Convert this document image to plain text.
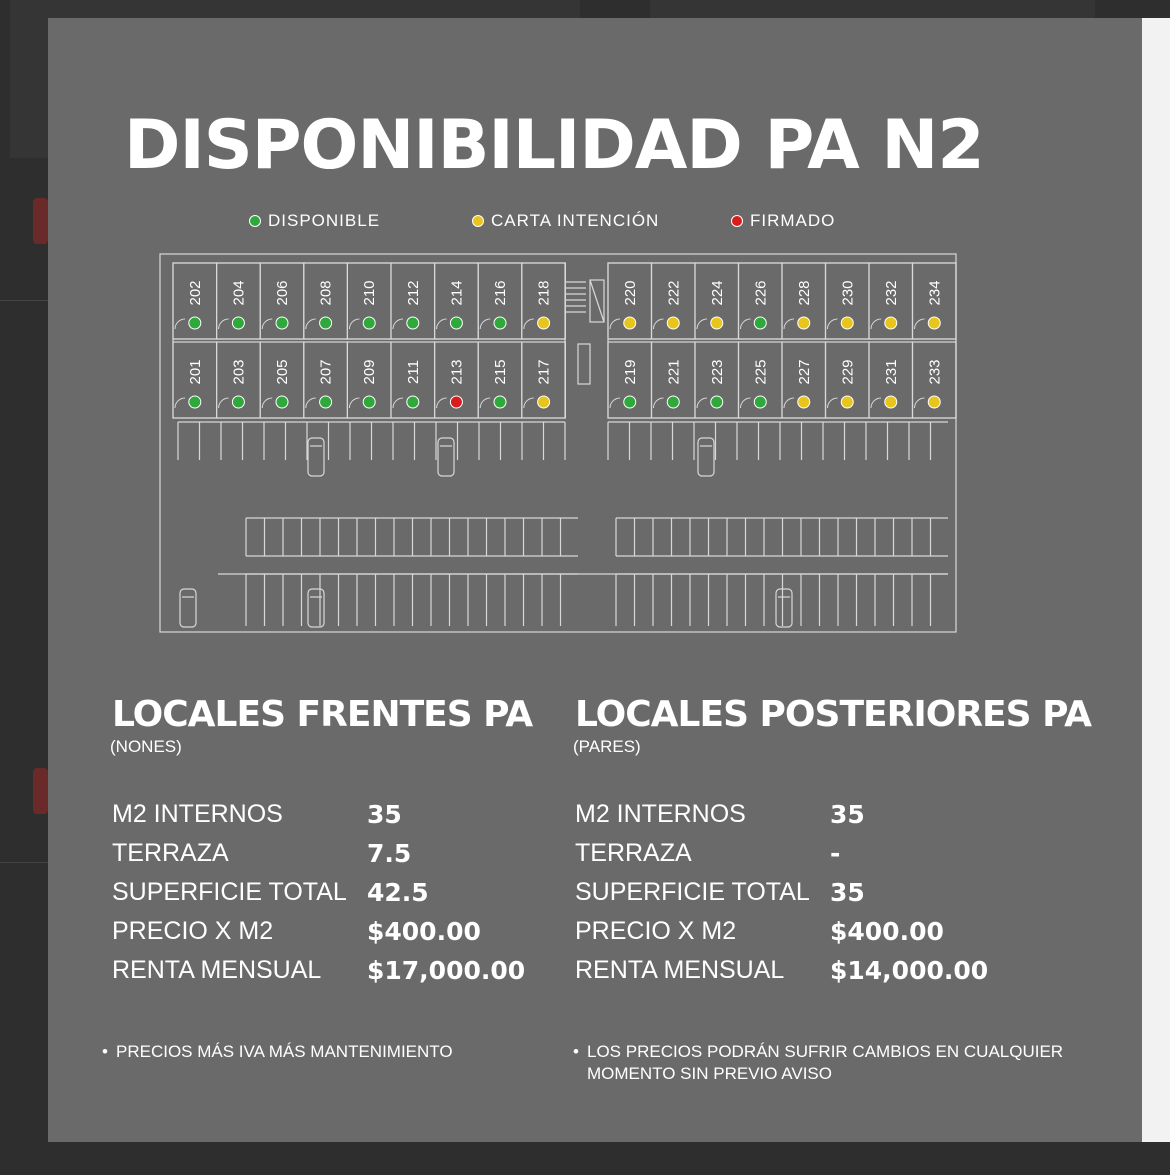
DISPONIBILIDAD PA N2
DISPONIBLE	CARTA INTENCIÓN	FIRMADO
202 204 206 208 210 212 214 216 218
201 203 205 207 209 211 213 215 217
220 222 224 226 228 230 232 234
219 221 223 225 227 229 231 233
LOCALES FRENTES PA
(NONES)
M2 INTERNOS	35
TERRAZA	7.5
SUPERFICIE TOTAL 42.5
PRECIO X M2	$400.00
RENTA MENSUAL $17,000.00
• PRECIOS MÁS IVA MÁS MANTENIMIENTO
LOCALES POSTERIORES PA
(PARES)
M2 INTERNOS	35
TERRAZA	-
SUPERFICIE TOTAL 35
PRECIO X M2	$400.00
RENTA MENSUAL $14,000.00
• LOS PRECIOS PODRÁN SUFRIR CAMBIOS EN CUALQUIER MOMENTO SIN PREVIO AVISO
